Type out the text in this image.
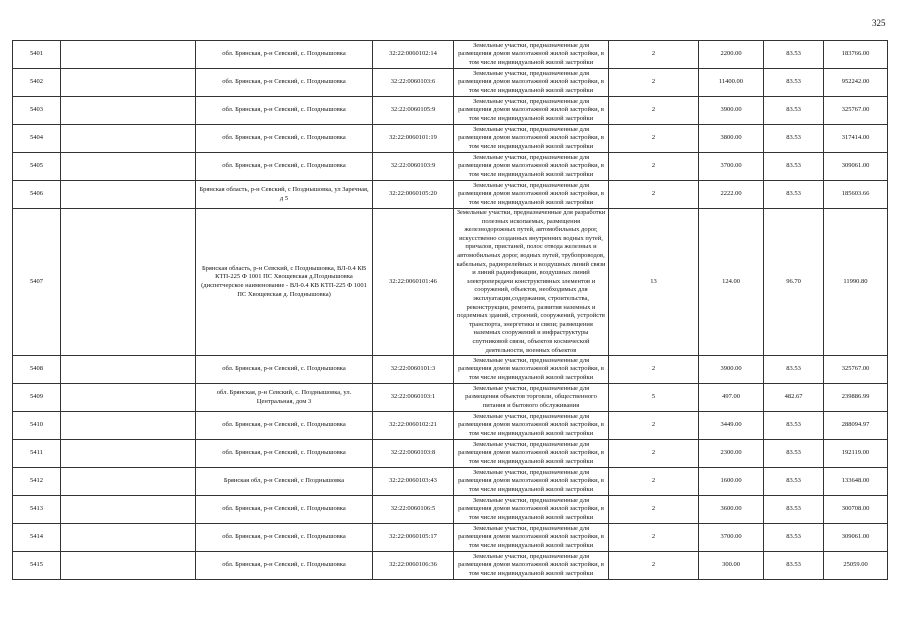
325
5401		обл. Брянская, р-н Севский, с. Позднышовка	32:22:0060102:14	Земельные участки, предназначенные для размещения домов малоэтажной жилой застройки, в том числе индивидуальной жилой застройки	2	2200.00	83.53	183766.00
5402		обл. Брянская, р-н Севский, с. Позднышовка	32:22:0060103:6	Земельные участки, предназначенные для размещения домов малоэтажной жилой застройки, в том числе индивидуальной жилой застройки	2	11400.00	83.53	952242.00
5403		обл. Брянская, р-н Севский, с. Позднышовка	32:22:0060105:9	Земельные участки, предназначенные для размещения домов малоэтажной жилой застройки, в том числе индивидуальной жилой застройки	2	3900.00	83.53	325767.00
5404		обл. Брянская, р-н Севский, с. Позднышовка	32:22:0060101:19	Земельные участки, предназначенные для размещения домов малоэтажной жилой застройки, в том числе индивидуальной жилой застройки	2	3800.00	83.53	317414.00
5405		обл. Брянская, р-н Севский, с. Позднышовка	32:22:0060103:9	Земельные участки, предназначенные для размещения домов малоэтажной жилой застройки, в том числе индивидуальной жилой застройки	2	3700.00	83.53	309061.00
5406		Брянская область, р-н Севский, с Позднышовка, ул Заречная, д 5	32:22:0060105:20	Земельные участки, предназначенные для размещения домов малоэтажной жилой застройки, в том числе индивидуальной жилой застройки	2	2222.00	83.53	185603.66
5407		Брянская область, р-н Севский, с Позднышовка, ВЛ-0.4 КВ КТП-225 Ф 1001 ПС Хвощевская д.Позднышовка (диспетчерское наименование - ВЛ-0.4 КВ КТП-225 Ф 1001 ПС Хвощевская д. Позднышовка)	32:22:0060101:46	Земельные участки, предназначенные для разработки полезных ископаемых, размещения железнодорожных путей, автомобильных дорог, искусственно созданных внутренних водных путей, причалов, пристаней, полос отвода железных и автомобильных дорог, водных путей, трубопроводов, кабельных, радиорелейных и воздушных линий связи и линий радиофикации, воздушных линий электропередачи конструктивных элементов и сооружений, объектов, необходимых для эксплуатации,содержания, строительства, реконструкции, ремонта, развития наземных и подземных зданий, строений, сооружений, устройств транспорта, энергетики и связи; размещения наземных сооружений и инфраструктуры спутниковой связи, объектов космической деятельности, военных объектов	13	124.00	96.70	11990.80
5408		обл. Брянская, р-н Севский, с. Позднышовка	32:22:0060101:3	Земельные участки, предназначенные для размещения домов малоэтажной жилой застройки, в том числе индивидуальной жилой застройки	2	3900.00	83.53	325767.00
5409		обл. Брянская, р-н Севский, с. Позднышовка, ул. Центральная, дом 3	32:22:0060103:1	Земельные участки, предназначенные для размещения объектов торговли, общественного питания и бытового обслуживания	5	497.00	482.67	239886.99
5410		обл. Брянская, р-н Севский, с. Позднышовка	32:22:0060102:21	Земельные участки, предназначенные для размещения домов малоэтажной жилой застройки, в том числе индивидуальной жилой застройки	2	3449.00	83.53	288094.97
5411		обл. Брянская, р-н Севский, с. Позднышовка	32:22:0060103:8	Земельные участки, предназначенные для размещения домов малоэтажной жилой застройки, в том числе индивидуальной жилой застройки	2	2300.00	83.53	192119.00
5412		Брянская обл, р-н Севский, с Позднышовка	32:22:0060103:43	Земельные участки, предназначенные для размещения домов малоэтажной жилой застройки, в том числе индивидуальной жилой застройки	2	1600.00	83.53	133648.00
5413		обл. Брянская, р-н Севский, с. Позднышовка	32:22:0060106:5	Земельные участки, предназначенные для размещения домов малоэтажной жилой застройки, в том числе индивидуальной жилой застройки	2	3600.00	83.53	300708.00
5414		обл. Брянская, р-н Севский, с. Позднышовка	32:22:0060105:17	Земельные участки, предназначенные для размещения домов малоэтажной жилой застройки, в том числе индивидуальной жилой застройки	2	3700.00	83.53	309061.00
5415		обл. Брянская, р-н Севский, с. Позднышовка	32:22:0060106:36	Земельные участки, предназначенные для размещения домов малоэтажной жилой застройки, в том числе индивидуальной жилой застройки	2	300.00	83.53	25059.00
